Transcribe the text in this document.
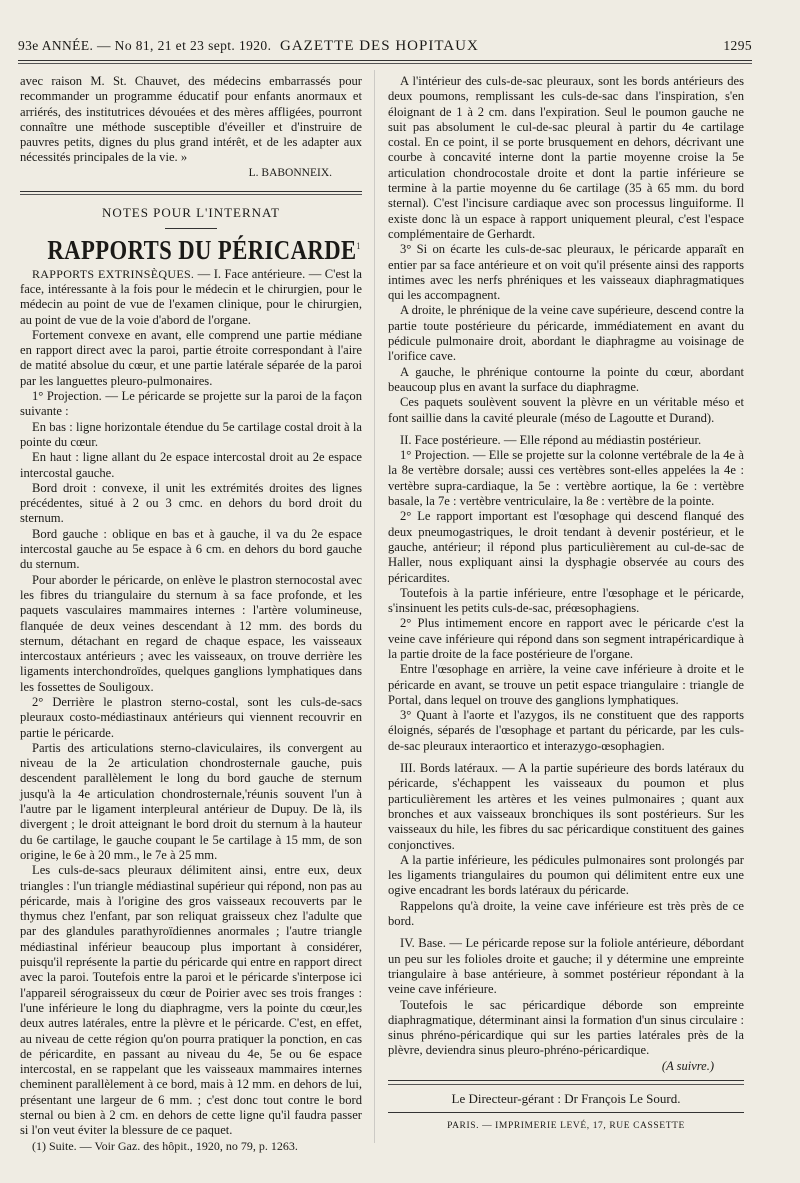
93e ANNÉE. — No 81, 21 et 23 sept. 1920. GAZETTE DES HOPITAUX	1295

avec raison M. St. Chauvet, des médecins embarrassés pour recommander un programme éducatif pour enfants anormaux et arriérés, des institutrices dévouées et des mères affligées, pourront connaître une méthode susceptible d'éveiller et d'instruire de pauvres petits, dignes du plus grand intérêt, et de les adapter aux nécessités principales de la vie. »

L. BABONNEIX.

NOTES POUR L'INTERNAT
RAPPORTS DU PÉRICARDE$^1$

RAPPORTS EXTRINSÈQUES. — I. Face antérieure. — C'est la face, intéressante à la fois pour le médecin et le chirurgien, pour le médecin au point de vue de l'examen clinique, pour le chirurgien, au point de vue de la voie d'abord de l'organe.

Fortement convexe en avant, elle comprend une partie médiane en rapport direct avec la paroi, partie étroite correspondant à l'aire de matité absolue du cœur, et une partie latérale séparée de la paroi par les languettes pleuro-pulmonaires.

1° Projection. — Le péricarde se projette sur la paroi de la façon suivante :

En bas : ligne horizontale étendue du 5e cartilage costal droit à la pointe du cœur.

En haut : ligne allant du 2e espace intercostal droit au 2e espace intercostal gauche.

Bord droit : convexe, il unit les extrémités droites des lignes précédentes, situé à 2 ou 3 cmc. en dehors du bord droit du sternum.

Bord gauche : oblique en bas et à gauche, il va du 2e espace intercostal gauche au 5e espace à 6 cm. en dehors du bord gauche du sternum.

Pour aborder le péricarde, on enlève le plastron sternocostal avec les fibres du triangulaire du sternum à sa face profonde, et les paquets vasculaires mammaires internes : l'artère volumineuse, flanquée de deux veines descendant à 12 mm. des bords du sternum, détachant en regard de chaque espace, les vaisseaux intercostaux antérieurs ; avec les vaisseaux, on trouve derrière les ligaments interchondroïdes, quelques ganglions lymphatiques dans les fossettes de Souligoux.

2° Derrière le plastron sterno-costal, sont les culs-de-sacs pleuraux costo-médiastinaux antérieurs qui viennent recouvrir en partie le péricarde.

Partis des articulations sterno-claviculaires, ils convergent au niveau de la 2e articulation chondrosternale gauche, puis descendent parallèlement le long du bord gauche de sternum jusqu'à la 4e articulation chondrosternale,'réunis souvent l'un à l'autre par le ligament interpleural antérieur de Dupuy. De là, ils divergent ; le droit atteignant le bord droit du sternum à la hauteur du 6e cartilage, le gauche coupant le 5e cartilage à 15 mm, de son origine, le 6e à 20 mm., le 7e à 25 mm.

Les culs-de-sacs pleuraux délimitent ainsi, entre eux, deux triangles : l'un triangle médiastinal supérieur qui répond, non pas au péricarde, mais à l'origine des gros vaisseaux recouverts par le thymus chez l'enfant, par son reliquat graisseux chez l'adulte que par des glandules parathyroïdiennes anormales ; l'autre triangle médiastinal inférieur beaucoup plus important à considérer, puisqu'il représente la partie du péricarde qui entre en rapport direct avec la paroi. Toutefois entre la paroi et le péricarde s'interpose ici l'appareil sérograisseux du cœur de Poirier avec ses trois franges : l'une inférieure le long du diaphragme, vers la pointe du cœur,les deux autres latérales, entre la plèvre et le péricarde. C'est, en effet, au niveau de cette région qu'on pourra pratiquer la ponction, en cas de péricardite, en passant au niveau du 4e, 5e ou 6e espace intercostal, en se rappelant que les vaisseaux mammaires internes cheminent parallèlement à ce bord, mais à 12 mm. en dehors de lui, présentant une largeur de 6 mm. ; c'est donc tout contre le bord sternal ou bien à 2 cm. en dehors de cette ligne qu'il faudra passer si l'on veut éviter la blessure de ce paquet.

(1) Suite. — Voir Gaz. des hôpit., 1920, no 79, p. 1263.

A l'intérieur des culs-de-sac pleuraux, sont les bords antérieurs des deux poumons, remplissant les culs-de-sac dans l'inspiration, s'en éloignant de 1 à 2 cm. dans l'expiration. Seul le poumon gauche ne suit pas absolument le cul-de-sac pleural à partir du 4e cartilage costal. En ce point, il se porte brusquement en dehors, décrivant une courbe à concavité interne dont la partie moyenne croise la 5e articulation chondrocostale droite et dont la partie inférieure se termine à la partie moyenne du 6e cartilage (35 à 65 mm. du bord sternal). C'est l'incisure cardiaque avec son processus linguiforme. Il existe donc là un espace à rapport uniquement pleural, c'est l'espace complémentaire de Gerhardt.

3° Si on écarte les culs-de-sac pleuraux, le péricarde apparaît en entier par sa face antérieure et on voit qu'il présente ainsi des rapports intimes avec les nerfs phréniques et les vaisseaux diaphragmatiques qui les accompagnent.

A droite, le phrénique de la veine cave supérieure, descend contre la partie toute postérieure du péricarde, immédiatement en avant du pédicule pulmonaire droit, abordant le diaphragme au voisinage de l'orifice cave.

A gauche, le phrénique contourne la pointe du cœur, abordant beaucoup plus en avant la surface du diaphragme.

Ces paquets soulèvent souvent la plèvre en un véritable méso et font saillie dans la cavité pleurale (méso de Lagoutte et Durand).

II. Face postérieure. — Elle répond au médiastin postérieur.

1° Projection. — Elle se projette sur la colonne vertébrale de la 4e à la 8e vertèbre dorsale; aussi ces vertèbres sont-elles appelées la 4e : vertèbre supra-cardiaque, la 5e : vertèbre aortique, la 6e : vertèbre basale, la 7e : vertèbre ventriculaire, la 8e : vertèbre de la pointe.

2° Le rapport important est l'œsophage qui descend flanqué des deux pneumogastriques, le droit tendant à devenir postérieur, et le gauche, antérieur; il répond plus particulièrement au cul-de-sac de Haller, nous expliquant ainsi la dysphagie observée au cours des péricardites.

Toutefois à la partie inférieure, entre l'œsophage et le péricarde, s'insinuent les petits culs-de-sac, préœsophagiens.

2° Plus intimement encore en rapport avec le péricarde c'est la veine cave inférieure qui répond dans son segment intrapéricardique à la partie droite de la face postérieure de l'organe.

Entre l'œsophage en arrière, la veine cave inférieure à droite et le péricarde en avant, se trouve un petit espace triangulaire : triangle de Portal, dans lequel on trouve des ganglions lymphatiques.

3° Quant à l'aorte et l'azygos, ils ne constituent que des rapports éloignés, séparés de l'œsophage et partant du péricarde, par les culs-de-sac pleuraux interaortico et interazygo-œsophagien.

III. Bords latéraux. — A la partie supérieure des bords latéraux du péricarde, s'échappent les vaisseaux du poumon et plus particulièrement les artères et les veines pulmonaires ; quant aux bronches et aux vaisseaux bronchiques ils sont postérieurs. Sur les vaisseaux du hile, les fibres du sac péricardique constituent des gaines conjonctives.

A la partie inférieure, les pédicules pulmonaires sont prolongés par les ligaments triangulaires du poumon qui délimitent entre eux une ogive encadrant les bords latéraux du péricarde.

Rappelons qu'à droite, la veine cave inférieure est très près de ce bord.

IV. Base. — Le péricarde repose sur la foliole antérieure, débordant un peu sur les folioles droite et gauche; il y détermine une empreinte triangulaire à base antérieure, à sommet postérieur répondant à la veine cave inférieure.

Toutefois le sac péricardique déborde son empreinte diaphragmatique, déterminant ainsi la formation d'un sinus circulaire : sinus phréno-péricardique qui sur les parties latérales près de la plèvre, deviendra sinus pleuro-phréno-péricardique.

(A suivre.)

Le Directeur-gérant : Dr François Le Sourd.
PARIS. — IMPRIMERIE LEVÉ, 17, RUE CASSETTE
